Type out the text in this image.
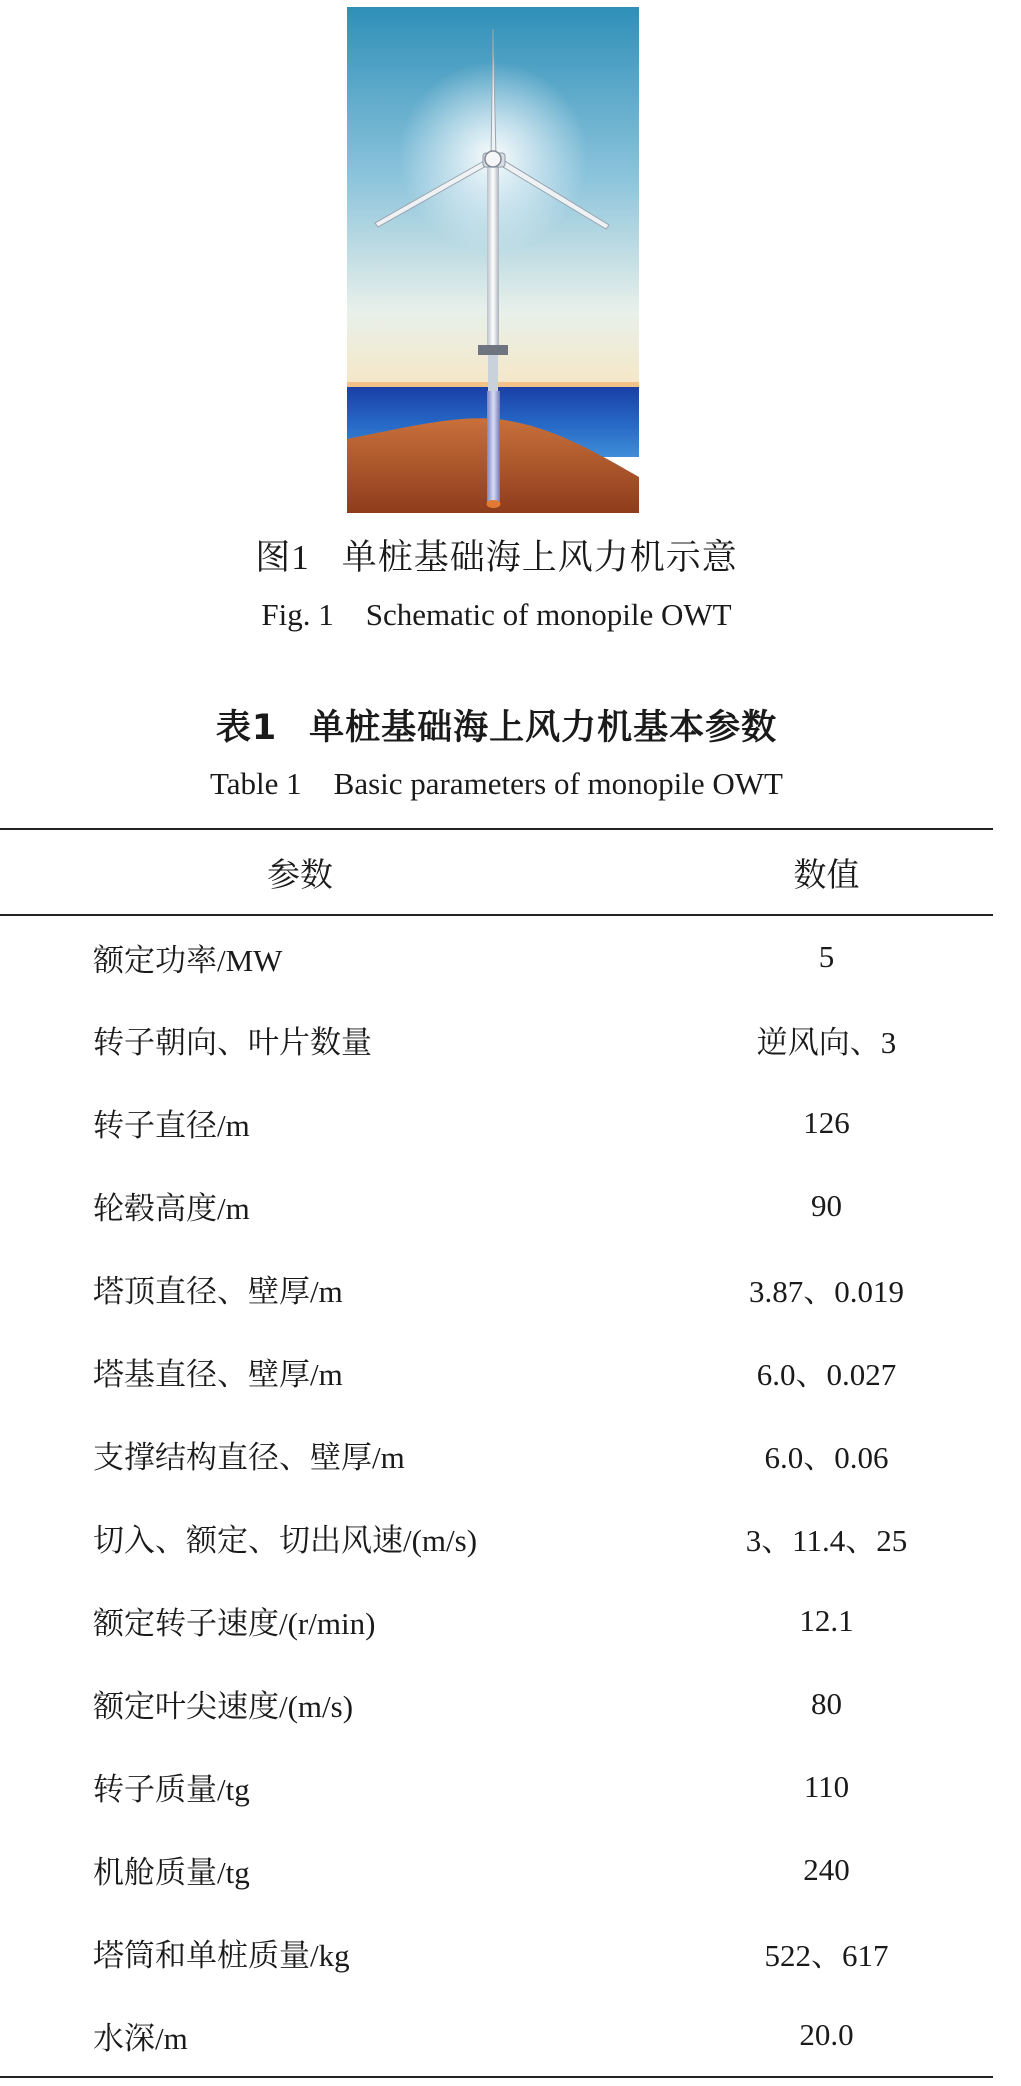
图1 单桩基础海上风力机示意
Fig. 1 Schematic of monopile OWT
表1 单桩基础海上风力机基本参数
Table 1 Basic parameters of monopile OWT
参数	数值
额定功率/MW	5
转子朝向、叶片数量	逆风向、3
转子直径/m	126
轮毂高度/m	90
塔顶直径、壁厚/m	3.87、0.019
塔基直径、壁厚/m	6.0、0.027
支撑结构直径、壁厚/m	6.0、0.06
切入、额定、切出风速/(m/s)	3、11.4、25
额定转子速度/(r/min)	12.1
额定叶尖速度/(m/s)	80
转子质量/tg	110
机舱质量/tg	240
塔筒和单桩质量/kg	522、617
水深/m	20.0
